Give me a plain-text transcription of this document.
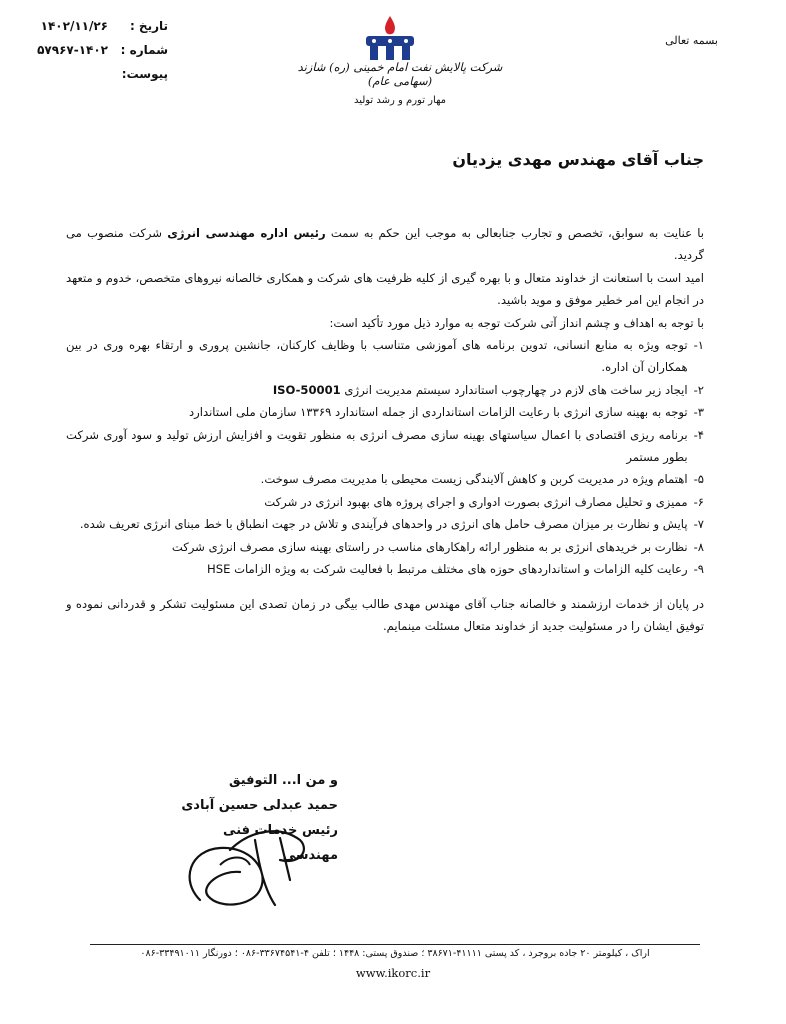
بسمه تعالی
شرکت پالایش نفت امام خمینی (ره) شازند (سهامی عام)
مهار تورم و رشد تولید
تاریخ :
۱۴۰۲/۱۱/۲۶
شماره :
۵۷۹۶۷-۱۴۰۲
پیوست:
جناب آقای مهندس مهدی یزدیان

با عنایت به سوابق، تخصص و تجارب جنابعالی به موجب این حکم به سمت رئیس اداره مهندسی انرژی شرکت منصوب می گردید.

امید است با استعانت از خداوند متعال و با بهره گیری از کلیه ظرفیت های شرکت و همکاری خالصانه نیروهای متخصص، خدوم و متعهد در انجام این امر خطیر موفق و موید باشید.

با توجه به اهداف و چشم انداز آتی شرکت توجه به موارد ذیل مورد تأکید است:

۱-

توجه ویژه به منابع انسانی، تدوین برنامه های آموزشی متناسب با وظایف کارکنان، جانشین پروری و ارتقاء بهره وری در بین همکاران آن اداره.

۲-

ایجاد زیر ساخت های لازم در چهارچوب استاندارد سیستم مدیریت انرژی ISO-50001

۳-

توجه به بهینه سازی انرژی با رعایت الزامات استانداردی از جمله استاندارد ۱۳۳۶۹ سازمان ملی استاندارد

۴-

برنامه ریزی اقتصادی با اعمال سیاستهای بهینه سازی مصرف انرژی به منظور تقویت و افزایش ارزش تولید و سود آوری شرکت بطور مستمر

۵-

اهتمام ویژه در مدیریت کربن و کاهش آلایندگی زیست محیطی با مدیریت مصرف سوخت.

۶-

ممیزی و تحلیل مصارف انرژی بصورت ادواری و اجرای پروژه های بهبود انرژی در شرکت

۷-

پایش و نظارت بر میزان مصرف حامل های انرژی در واحدهای فرآیندی و تلاش در جهت انطباق با خط مبنای انرژی تعریف شده.

۸-

نظارت بر خریدهای انرژی بر به منظور ارائه راهکارهای مناسب در راستای بهینه سازی مصرف انرژی شرکت

۹-

رعایت کلیه الزامات و استانداردهای حوزه های مختلف مرتبط با فعالیت شرکت به ویژه الزامات HSE

در پایان از خدمات ارزشمند و خالصانه جناب آقای مهندس مهدی طالب بیگی در زمان تصدی این مسئولیت تشکر و قدردانی نموده و توفیق ایشان را در مسئولیت جدید از خداوند متعال مسئلت مینمایم.

و من ا... التوفیق
حمید عبدلی حسین آبادی
رئیس خدمات فنی مهندسی
اراک ، کیلومتر ۲۰ جاده بروجرد ، کد پستی ۴۱۱۱۱-۳۸۶۷۱ ؛ صندوق پستی: ۱۴۴۸ ؛ تلفن ۴-۳۳۶۷۴۵۴۱-۰۸۶ ؛ دورنگار ۳۳۴۹۱۰۱۱-۰۸۶
www.ikorc.ir
